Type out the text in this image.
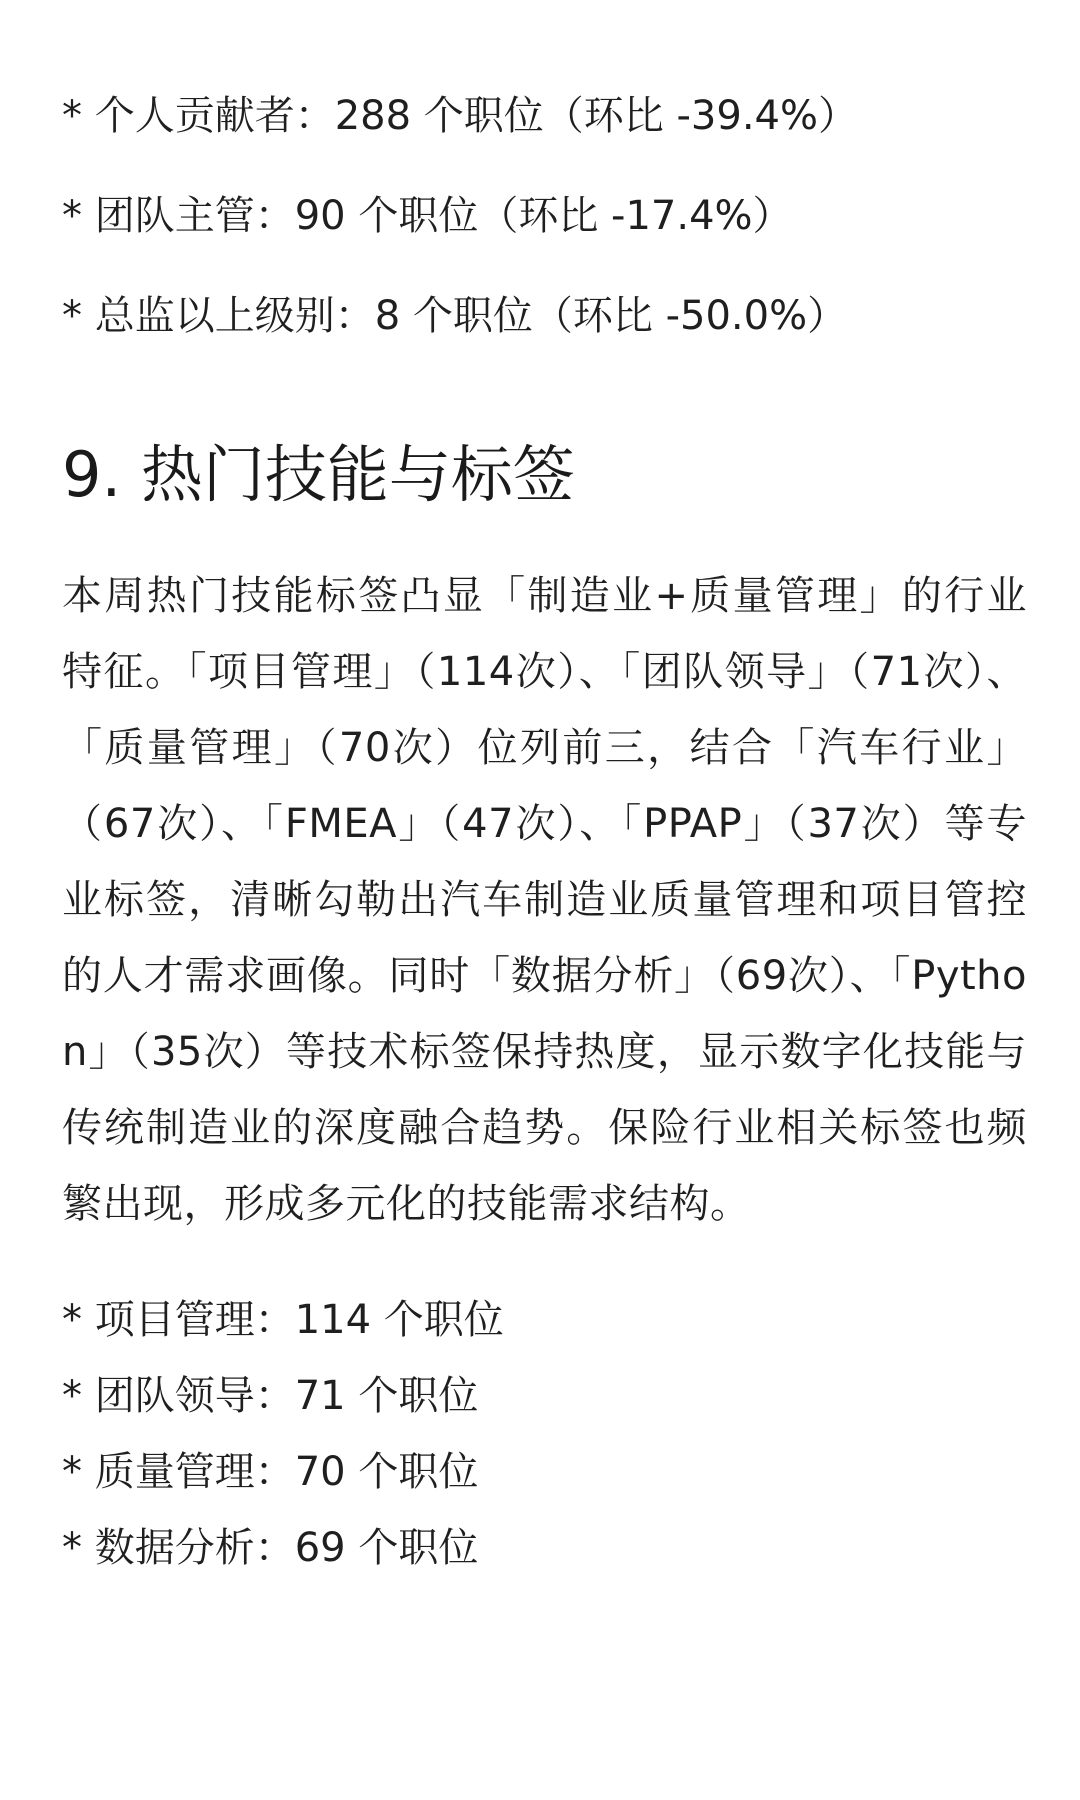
* 个人贡献者：288 个职位（环比 -39.4%）
* 团队主管：90 个职位（环比 -17.4%）
* 总监以上级别：8 个职位（环比 -50.0%）
9. 热门技能与标签

本周热门技能标签凸显「制造业+质量管理」的行业特征。「项目管理」（114次）、「团队领导」（71次）、「质量管理」（70次）位列前三，结合「汽车行业」（67次）、「FMEA」（47次）、「PPAP」（37次）等专业标签，清晰勾勒出汽车制造业质量管理和项目管控的人才需求画像。同时「数据分析」（69次）、「Python」（35次）等技术标签保持热度，显示数字化技能与传统制造业的深度融合趋势。保险行业相关标签也频繁出现，形成多元化的技能需求结构。

* 项目管理：114 个职位
* 团队领导：71 个职位
* 质量管理：70 个职位
* 数据分析：69 个职位
